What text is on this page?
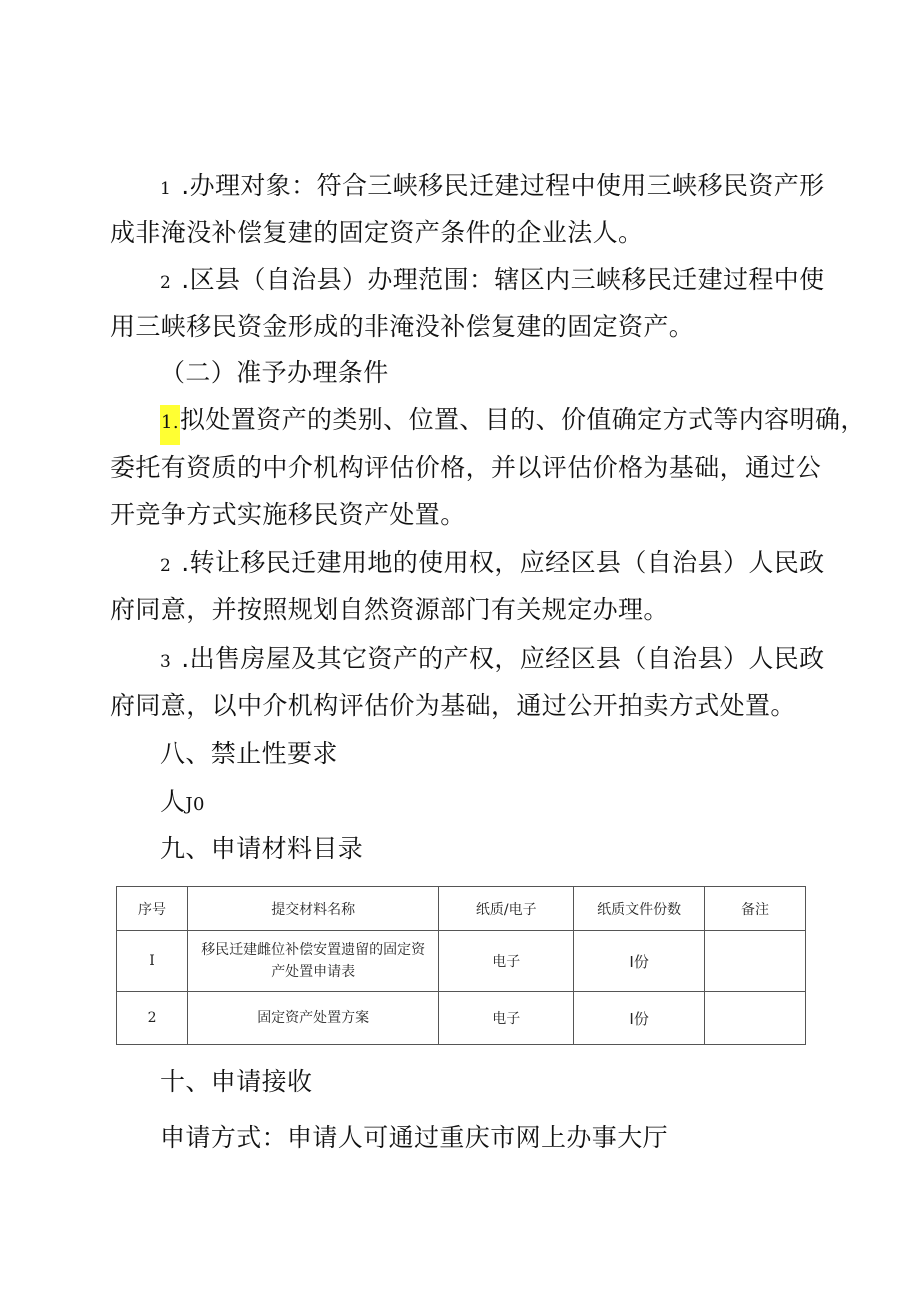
1 .办理对象：符合三峡移民迁建过程中使用三峡移民资产形
成非淹没补偿复建的固定资产条件的企业法人。
2 .区县（自治县）办理范围：辖区内三峡移民迁建过程中使
用三峡移民资金形成的非淹没补偿复建的固定资产。
（二）准予办理条件
1.拟处置资产的类别、位置、目的、价值确定方式等内容明确，
委托有资质的中介机构评估价格，并以评估价格为基础，通过公
开竞争方式实施移民资产处置。
2 .转让移民迁建用地的使用权，应经区县（自治县）人民政
府同意，并按照规划自然资源部门有关规定办理。
3 .出售房屋及其它资产的产权，应经区县（自治县）人民政
府同意，以中介机构评估价为基础，通过公开拍卖方式处置。
八、禁止性要求
人J0
九、申请材料目录
序号	提交材料名称	纸质/电子	纸质文件份数	备注
I	移民迁建雌位补偿安置遗留的固定资
产处置申请表	电子	I份	
2	固定资产处置方案	电子	I份	
十、申请接收
申请方式：申请人可通过重庆市网上办事大厅
